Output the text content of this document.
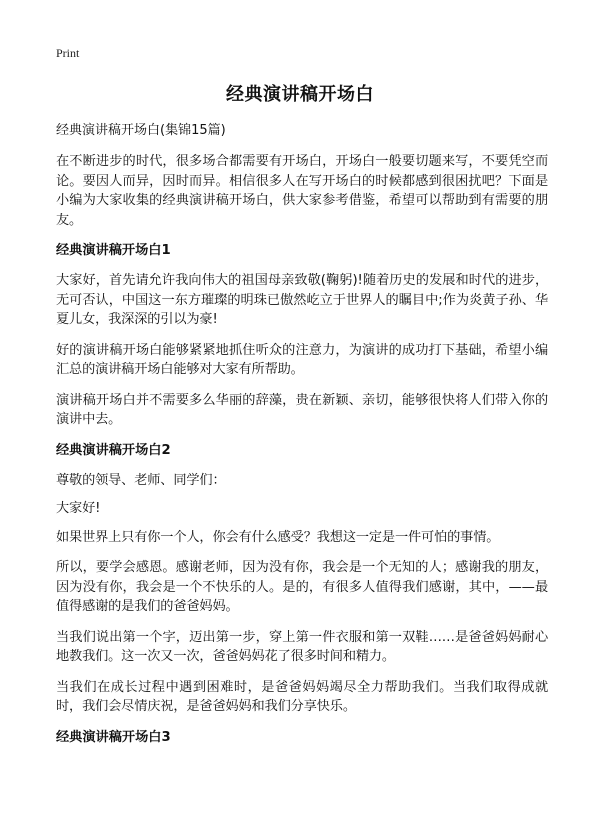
Print
经典演讲稿开场白

经典演讲稿开场白(集锦15篇)

在不断进步的时代，很多场合都需要有开场白，开场白一般要切题来写，不要凭空而论。要因人而异，因时而异。相信很多人在写开场白的时候都感到很困扰吧？下面是小编为大家收集的经典演讲稿开场白，供大家参考借鉴，希望可以帮助到有需要的朋友。

经典演讲稿开场白1

大家好，首先请允许我向伟大的祖国母亲致敬(鞠躬)!随着历史的发展和时代的进步，无可否认，中国这一东方璀璨的明珠已傲然屹立于世界人的瞩目中;作为炎黄子孙、华夏儿女，我深深的引以为豪!

好的演讲稿开场白能够紧紧地抓住听众的注意力，为演讲的成功打下基础，希望小编汇总的演讲稿开场白能够对大家有所帮助。

演讲稿开场白并不需要多么华丽的辞藻，贵在新颖、亲切，能够很快将人们带入你的演讲中去。

经典演讲稿开场白2

尊敬的领导、老师、同学们：

大家好!

如果世界上只有你一个人，你会有什么感受？我想这一定是一件可怕的事情。

所以，要学会感恩。感谢老师，因为没有你，我会是一个无知的人；感谢我的朋友，因为没有你，我会是一个不快乐的人。是的，有很多人值得我们感谢，其中，——最值得感谢的是我们的爸爸妈妈。

当我们说出第一个字，迈出第一步，穿上第一件衣服和第一双鞋……是爸爸妈妈耐心地教我们。这一次又一次，爸爸妈妈花了很多时间和精力。

当我们在成长过程中遇到困难时，是爸爸妈妈竭尽全力帮助我们。当我们取得成就时，我们会尽情庆祝，是爸爸妈妈和我们分享快乐。

经典演讲稿开场白3
